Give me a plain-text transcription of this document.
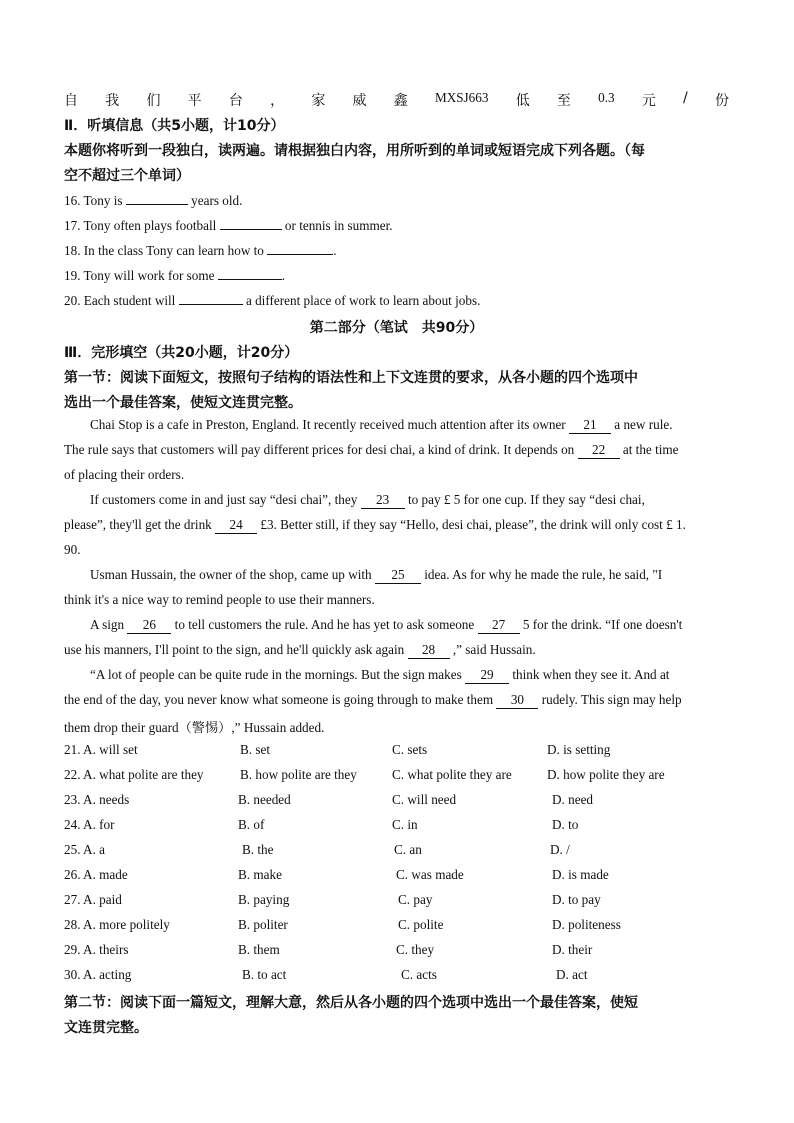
自 我 们 平 台 ， 家 威 鑫 MXSJ663 低 至 0.3 元 / 份
Ⅱ．听填信息（共5小题，计10分）
本题你将听到一段独白，读两遍。请根据独白内容，用所听到的单词或短语完成下列各题。（每
空不超过三个单词）
16. Tony is	years old.
17. Tony often plays football	or tennis in summer.
18. In the class Tony can learn how to	.
19. Tony will work for some	.
20. Each student will	a different place of work to learn about jobs.
第二部分（笔试　共90分）
Ⅲ．完形填空（共20小题，计20分）
第一节：阅读下面短文，按照句子结构的语法性和上下文连贯的要求，从各小题的四个选项中
选出一个最佳答案，使短文连贯完整。
Chai Stop is a cafe in Preston, England. It recently received much attention after its owner 21 a new rule.
The rule says that customers will pay different prices for desi chai, a kind of drink. It depends on 22 at the time
of placing their orders.
If customers come in and just say “desi chai”, they 23 to pay £ 5 for one cup. If they say “desi chai,
please”, they'll get the drink 24 £3. Better still, if they say “Hello, desi chai, please”, the drink will only cost £ 1.
90.
Usman Hussain, the owner of the shop, came up with 25 idea. As for why he made the rule, he said, "I
think it's a nice way to remind people to use their manners.
A sign 26 to tell customers the rule. And he has yet to ask someone 27 5 for the drink. “If one doesn't
use his manners, I'll point to the sign, and he'll quickly ask again 28 ,” said Hussain.
“A lot of people can be quite rude in the mornings. But the sign makes 29 think when they see it. And at
the end of the day, you never know what someone is going through to make them 30 rudely. This sign may help
them drop their guard（警惕）,” Hussain added.
21. A. will set	B. set	C. sets	D. is setting
22. A. what polite are they	B. how polite are they	C. what polite they are	D. how polite they are
23. A. needs	B. needed	C. will need	D. need
24. A. for	B. of	C. in	D. to
25. A. a	B. the	C. an	D. /
26. A. made	B. make	C. was made	D. is made
27. A. paid	B. paying	C. pay	D. to pay
28. A. more politely	B. politer	C. polite	D. politeness
29. A. theirs	B. them	C. they	D. their
30. A. acting	B. to act	C. acts	D. act
第二节：阅读下面一篇短文，理解大意，然后从各小题的四个选项中选出一个最佳答案，使短
文连贯完整。
